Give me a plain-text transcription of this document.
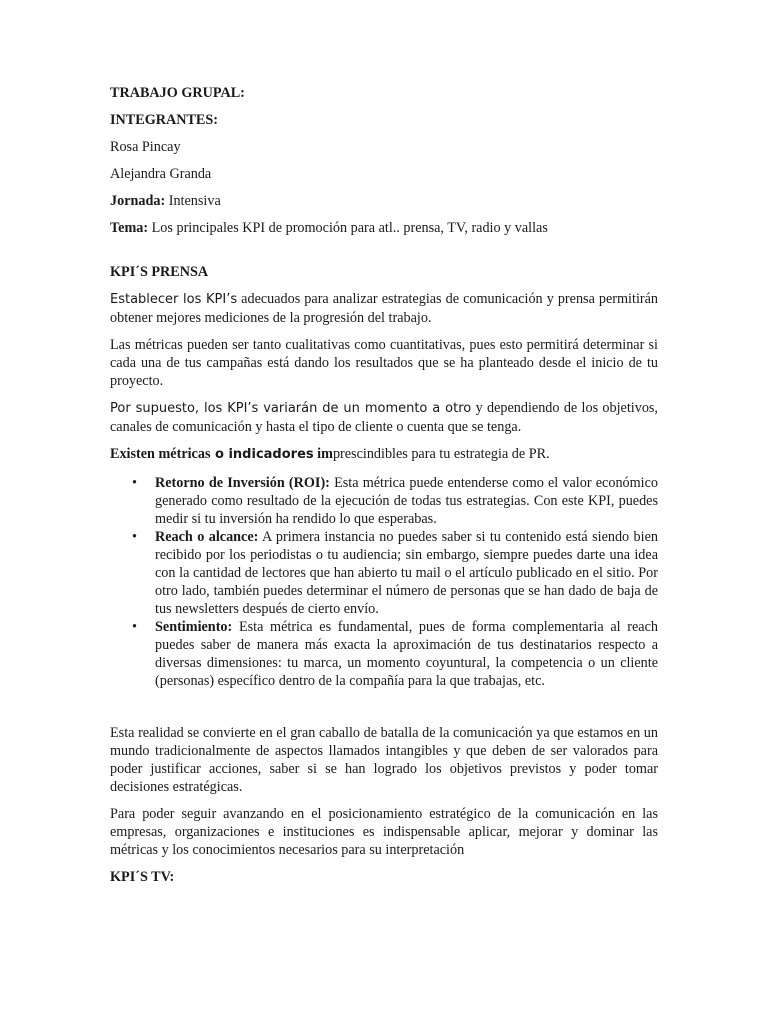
TRABAJO GRUPAL:

INTEGRANTES:

Rosa Pincay

Alejandra Granda

Jornada: Intensiva

Tema: Los principales KPI de promoción para atl.. prensa, TV, radio y vallas

KPI´S PRENSA

Establecer los KPI’s adecuados para analizar estrategias de comunicación y prensa permitirán obtener mejores mediciones de la progresión del trabajo.

Las métricas pueden ser tanto cualitativas como cuantitativas, pues esto permitirá determinar si cada una de tus campañas está dando los resultados que se ha planteado desde el inicio de tu proyecto.

Por supuesto, los KPI’s variarán de un momento a otro y dependiendo de los objetivos, canales de comunicación y hasta el tipo de cliente o cuenta que se tenga.

Existen métricas o indicadores imprescindibles para tu estrategia de PR.

• Retorno de Inversión (ROI): Esta métrica puede entenderse como el valor económico generado como resultado de la ejecución de todas tus estrategias. Con este KPI, puedes medir si tu inversión ha rendido lo que esperabas.
• Reach o alcance: A primera instancia no puedes saber si tu contenido está siendo bien recibido por los periodistas o tu audiencia; sin embargo, siempre puedes darte una idea con la cantidad de lectores que han abierto tu mail o el artículo publicado en el sitio. Por otro lado, también puedes determinar el número de personas que se han dado de baja de tus newsletters después de cierto envío.
• Sentimiento: Esta métrica es fundamental, pues de forma complementaria al reach puedes saber de manera más exacta la aproximación de tus destinatarios respecto a diversas dimensiones: tu marca, un momento coyuntural, la competencia o un cliente (personas) específico dentro de la compañía para la que trabajas, etc.

Esta realidad se convierte en el gran caballo de batalla de la comunicación ya que estamos en un mundo tradicionalmente de aspectos llamados intangibles y que deben de ser valorados para poder justificar acciones, saber si se han logrado los objetivos previstos y poder tomar decisiones estratégicas.

Para poder seguir avanzando en el posicionamiento estratégico de la comunicación en las empresas, organizaciones e instituciones es indispensable aplicar, mejorar y dominar las métricas y los conocimientos necesarios para su interpretación

KPI´S TV:
